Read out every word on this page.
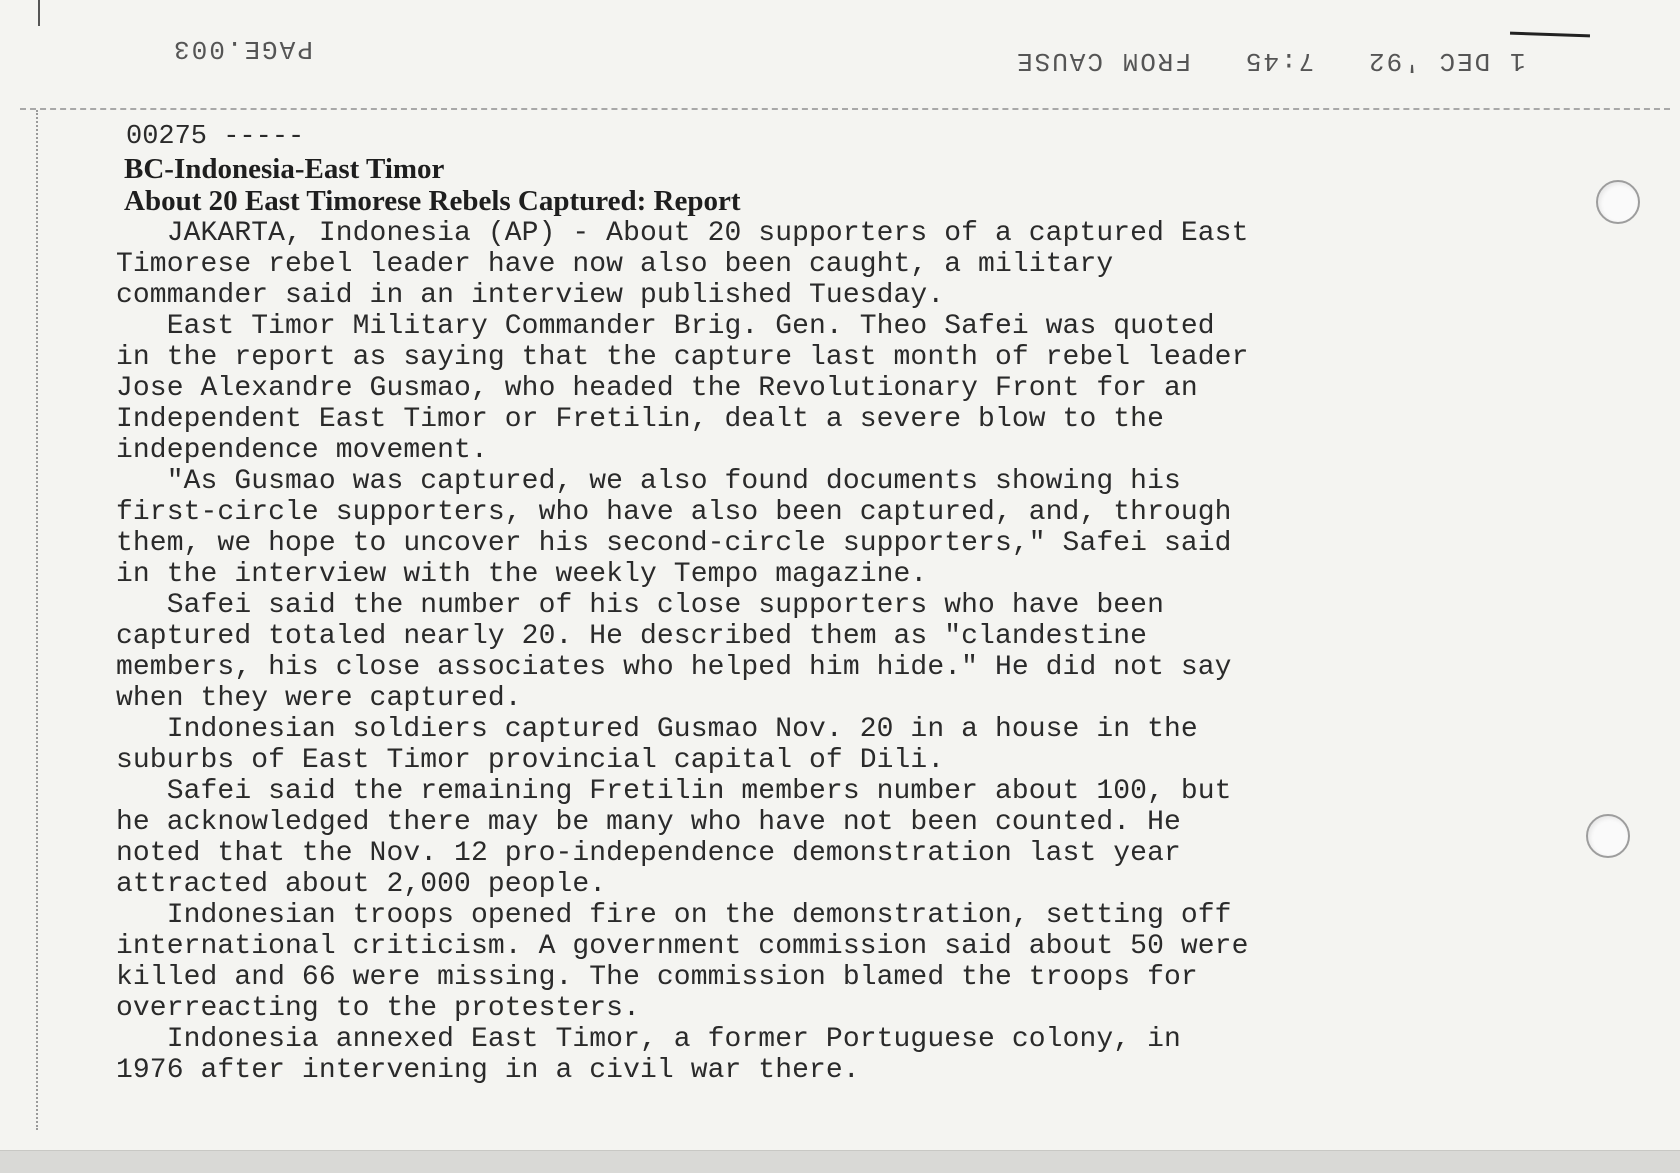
PAGE.003	1 DEC '92   7:45   FROM CAUSE
00275 -----
BC-Indonesia-East Timor
About 20 East Timorese Rebels Captured: Report

JAKARTA, Indonesia (AP) - About 20 supporters of a captured East
Timorese rebel leader have now also been caught, a military
commander said in an interview published Tuesday.

East Timor Military Commander Brig. Gen. Theo Safei was quoted
in the report as saying that the capture last month of rebel leader
Jose Alexandre Gusmao, who headed the Revolutionary Front for an
Independent East Timor or Fretilin, dealt a severe blow to the
independence movement.

"As Gusmao was captured, we also found documents showing his
first-circle supporters, who have also been captured, and, through
them, we hope to uncover his second-circle supporters," Safei said
in the interview with the weekly Tempo magazine.

Safei said the number of his close supporters who have been
captured totaled nearly 20. He described them as "clandestine
members, his close associates who helped him hide." He did not say
when they were captured.

Indonesian soldiers captured Gusmao Nov. 20 in a house in the
suburbs of East Timor provincial capital of Dili.

Safei said the remaining Fretilin members number about 100, but
he acknowledged there may be many who have not been counted. He
noted that the Nov. 12 pro-independence demonstration last year
attracted about 2,000 people.

Indonesian troops opened fire on the demonstration, setting off
international criticism. A government commission said about 50 were
killed and 66 were missing. The commission blamed the troops for
overreacting to the protesters.

Indonesia annexed East Timor, a former Portuguese colony, in
1976 after intervening in a civil war there.
